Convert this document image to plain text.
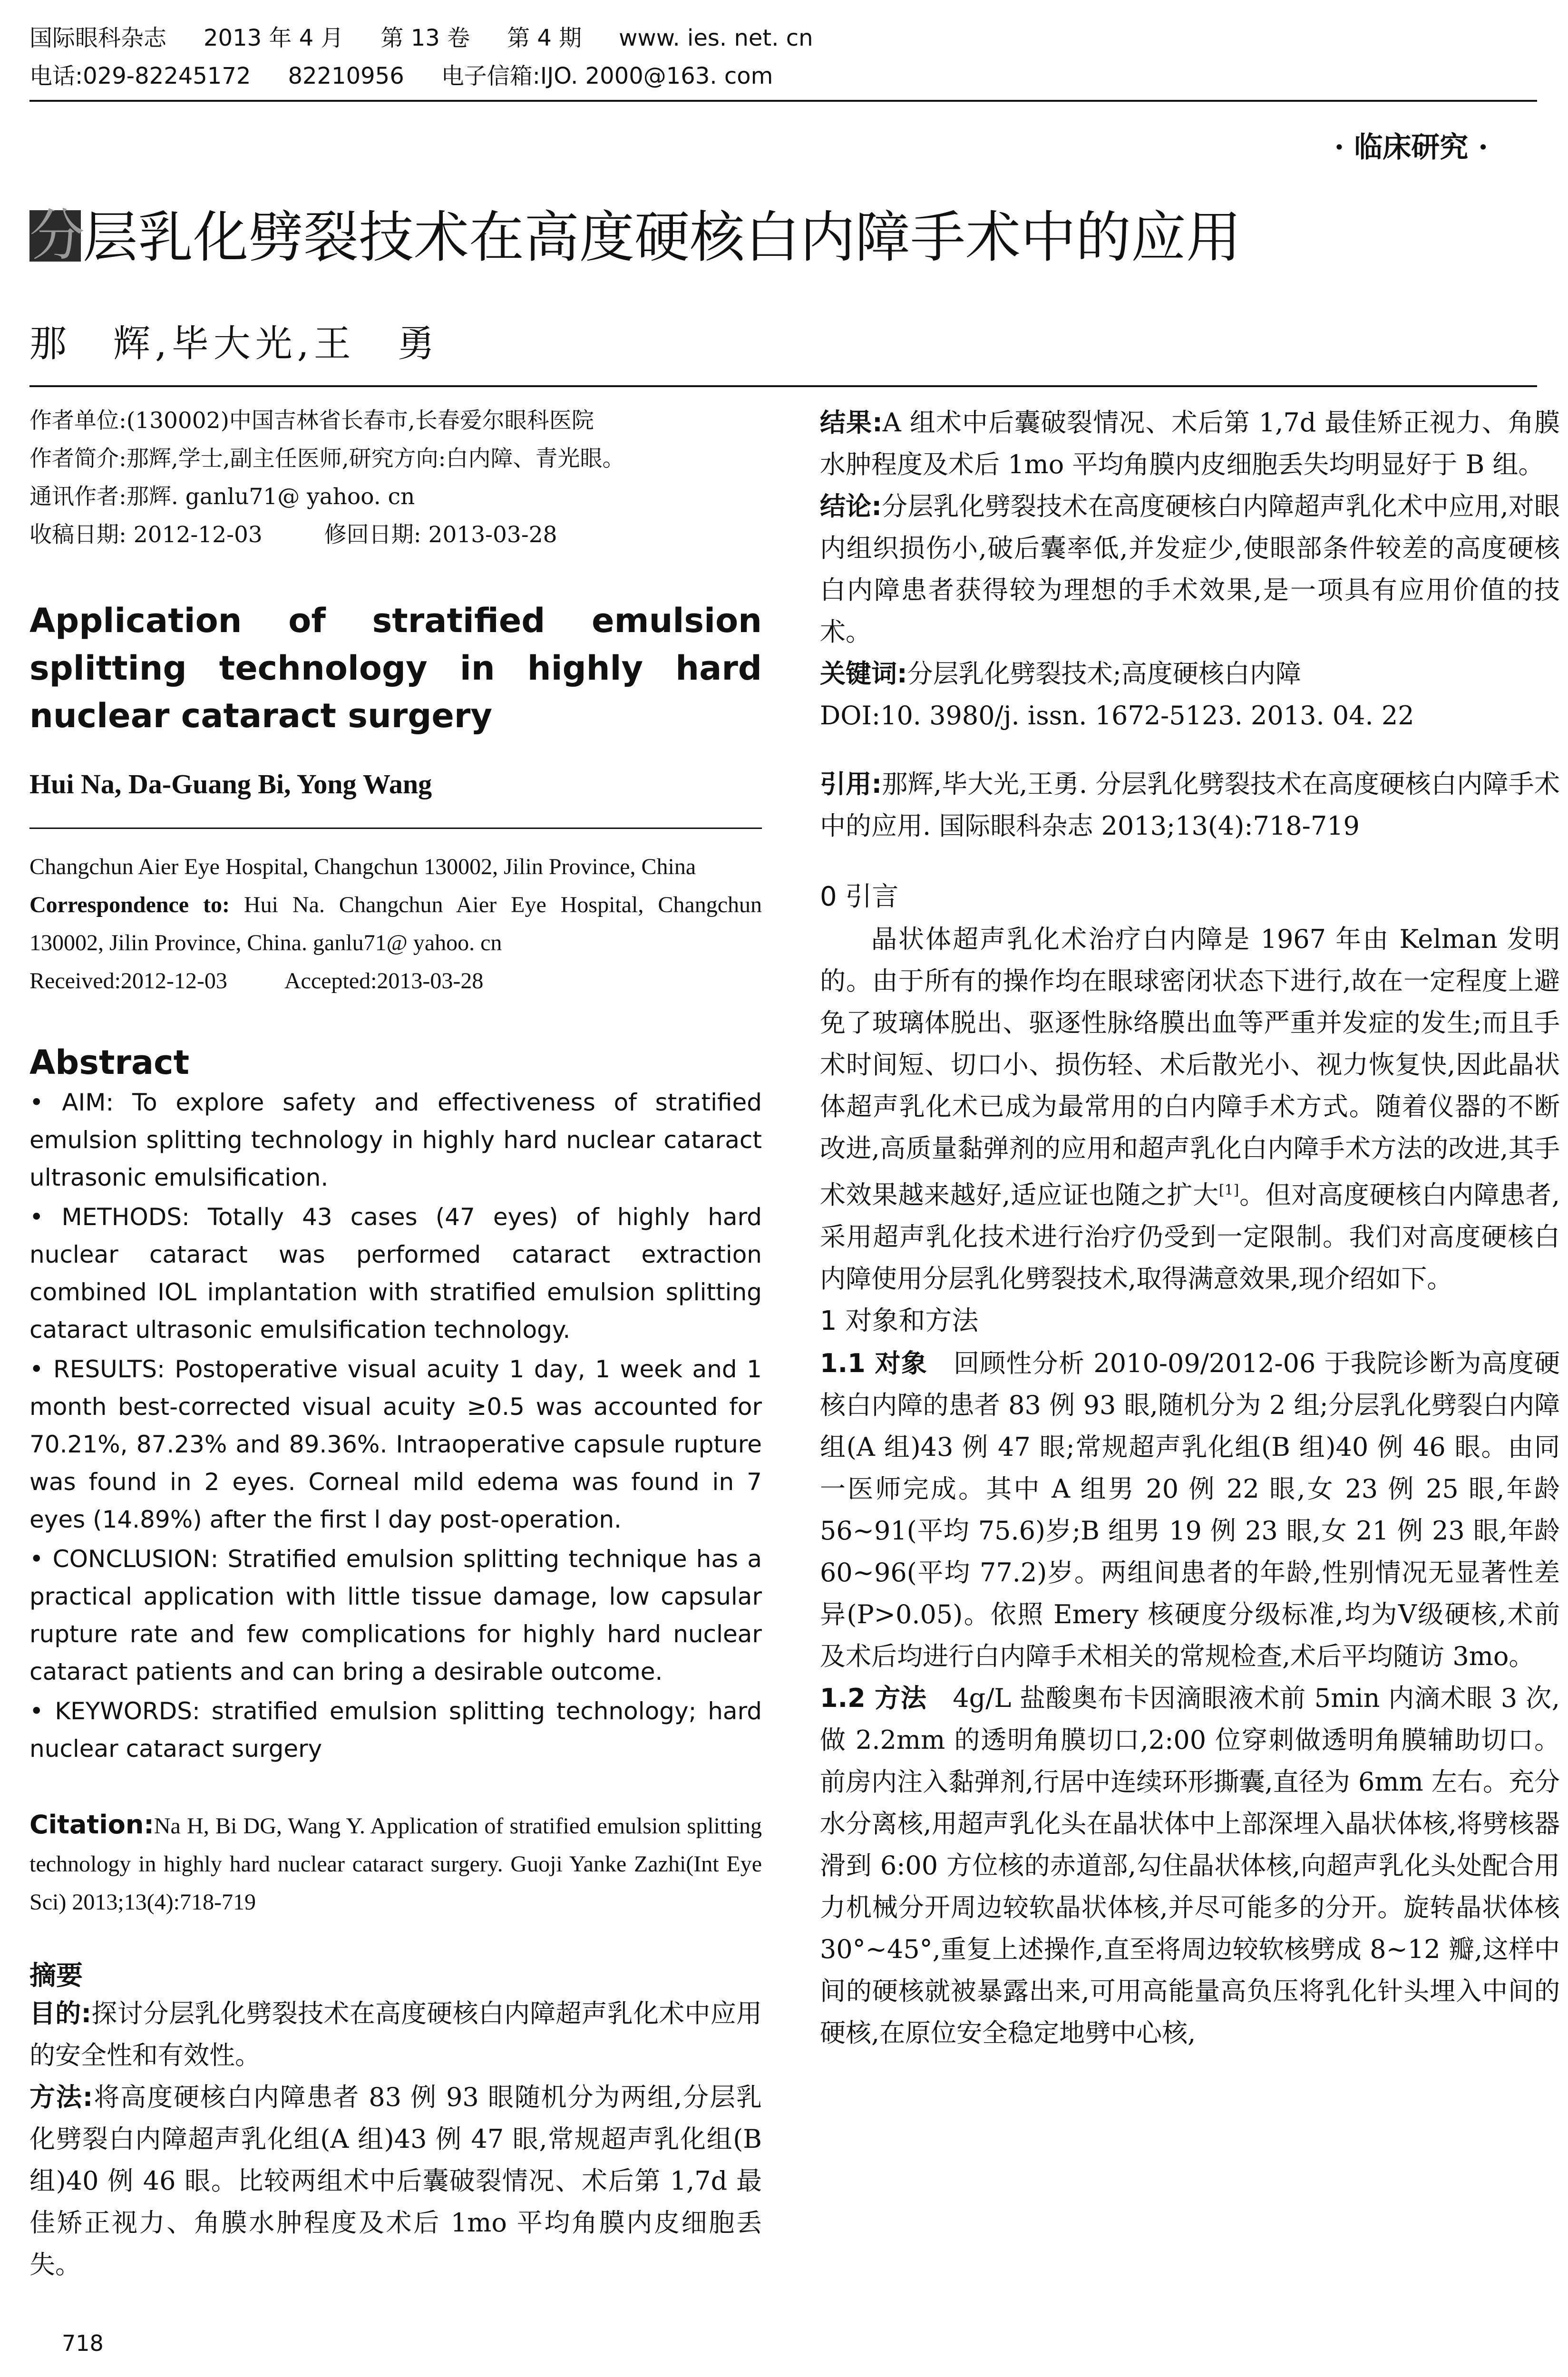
国际眼科杂志 2013 年 4 月 第 13 卷 第 4 期 www. ies. net. cn
电话:029-82245172 82210956 电子信箱:IJO. 2000@163. com
· 临床研究 ·
分层乳化劈裂技术在高度硬核白内障手术中的应用
那　辉,毕大光,王　勇
作者单位:(130002)中国吉林省长春市,长春爱尔眼科医院
作者简介:那辉,学士,副主任医师,研究方向:白内障、青光眼。
通讯作者:那辉. ganlu71@ yahoo. cn
收稿日期: 2012-12-03	修回日期: 2013-03-28
Application of stratified emulsion splitting technology in highly hard nuclear cataract surgery
Hui Na, Da-Guang Bi, Yong Wang
Changchun Aier Eye Hospital, Changchun 130002, Jilin Province, China
Correspondence to: Hui Na. Changchun Aier Eye Hospital, Changchun 130002, Jilin Province, China. ganlu71@ yahoo. cn
Received:2012-12-03	Accepted:2013-03-28
Abstract

• AIM: To explore safety and effectiveness of stratified emulsion splitting technology in highly hard nuclear cataract ultrasonic emulsification.

• METHODS: Totally 43 cases (47 eyes) of highly hard nuclear cataract was performed cataract extraction combined IOL implantation with stratified emulsion splitting cataract ultrasonic emulsification technology.

• RESULTS: Postoperative visual acuity 1 day, 1 week and 1 month best-corrected visual acuity ≥0.5 was accounted for 70.21%, 87.23% and 89.36%. Intraoperative capsule rupture was found in 2 eyes. Corneal mild edema was found in 7 eyes (14.89%) after the first l day post-operation.

• CONCLUSION: Stratified emulsion splitting technique has a practical application with little tissue damage, low capsular rupture rate and few complications for highly hard nuclear cataract patients and can bring a desirable outcome.

• KEYWORDS: stratified emulsion splitting technology; hard nuclear cataract surgery

Citation:Na H, Bi DG, Wang Y. Application of stratified emulsion splitting technology in highly hard nuclear cataract surgery. Guoji Yanke Zazhi(Int Eye Sci) 2013;13(4):718-719
摘要

目的:探讨分层乳化劈裂技术在高度硬核白内障超声乳化术中应用的安全性和有效性。

方法:将高度硬核白内障患者 83 例 93 眼随机分为两组,分层乳化劈裂白内障超声乳化组(A 组)43 例 47 眼,常规超声乳化组(B 组)40 例 46 眼。比较两组术中后囊破裂情况、术后第 1,7d 最佳矫正视力、角膜水肿程度及术后 1mo 平均角膜内皮细胞丢失。

结果:A 组术中后囊破裂情况、术后第 1,7d 最佳矫正视力、角膜水肿程度及术后 1mo 平均角膜内皮细胞丢失均明显好于 B 组。

结论:分层乳化劈裂技术在高度硬核白内障超声乳化术中应用,对眼内组织损伤小,破后囊率低,并发症少,使眼部条件较差的高度硬核白内障患者获得较为理想的手术效果,是一项具有应用价值的技术。

关键词:分层乳化劈裂技术;高度硬核白内障

DOI:10. 3980/j. issn. 1672-5123. 2013. 04. 22

引用:那辉,毕大光,王勇. 分层乳化劈裂技术在高度硬核白内障手术中的应用. 国际眼科杂志 2013;13(4):718-719

0 引言

晶状体超声乳化术治疗白内障是 1967 年由 Kelman 发明的。由于所有的操作均在眼球密闭状态下进行,故在一定程度上避免了玻璃体脱出、驱逐性脉络膜出血等严重并发症的发生;而且手术时间短、切口小、损伤轻、术后散光小、视力恢复快,因此晶状体超声乳化术已成为最常用的白内障手术方式。随着仪器的不断改进,高质量黏弹剂的应用和超声乳化白内障手术方法的改进,其手术效果越来越好,适应证也随之扩大[1]。但对高度硬核白内障患者,采用超声乳化技术进行治疗仍受到一定限制。我们对高度硬核白内障使用分层乳化劈裂技术,取得满意效果,现介绍如下。

1 对象和方法

1.1 对象　回顾性分析 2010-09/2012-06 于我院诊断为高度硬核白内障的患者 83 例 93 眼,随机分为 2 组;分层乳化劈裂白内障组(A 组)43 例 47 眼;常规超声乳化组(B 组)40 例 46 眼。由同一医师完成。其中 A 组男 20 例 22 眼,女 23 例 25 眼,年龄 56~91(平均 75.6)岁;B 组男 19 例 23 眼,女 21 例 23 眼,年龄 60~96(平均 77.2)岁。两组间患者的年龄,性别情况无显著性差异(P>0.05)。依照 Emery 核硬度分级标准,均为Ⅴ级硬核,术前及术后均进行白内障手术相关的常规检查,术后平均随访 3mo。

1.2 方法　4g/L 盐酸奥布卡因滴眼液术前 5min 内滴术眼 3 次,做 2.2mm 的透明角膜切口,2:00 位穿刺做透明角膜辅助切口。前房内注入黏弹剂,行居中连续环形撕囊,直径为 6mm 左右。充分水分离核,用超声乳化头在晶状体中上部深埋入晶状体核,将劈核器滑到 6:00 方位核的赤道部,勾住晶状体核,向超声乳化头处配合用力机械分开周边较软晶状体核,并尽可能多的分开。旋转晶状体核 30°~45°,重复上述操作,直至将周边较软核劈成 8~12 瓣,这样中间的硬核就被暴露出来,可用高能量高负压将乳化针头埋入中间的硬核,在原位安全稳定地劈中心核,

718
